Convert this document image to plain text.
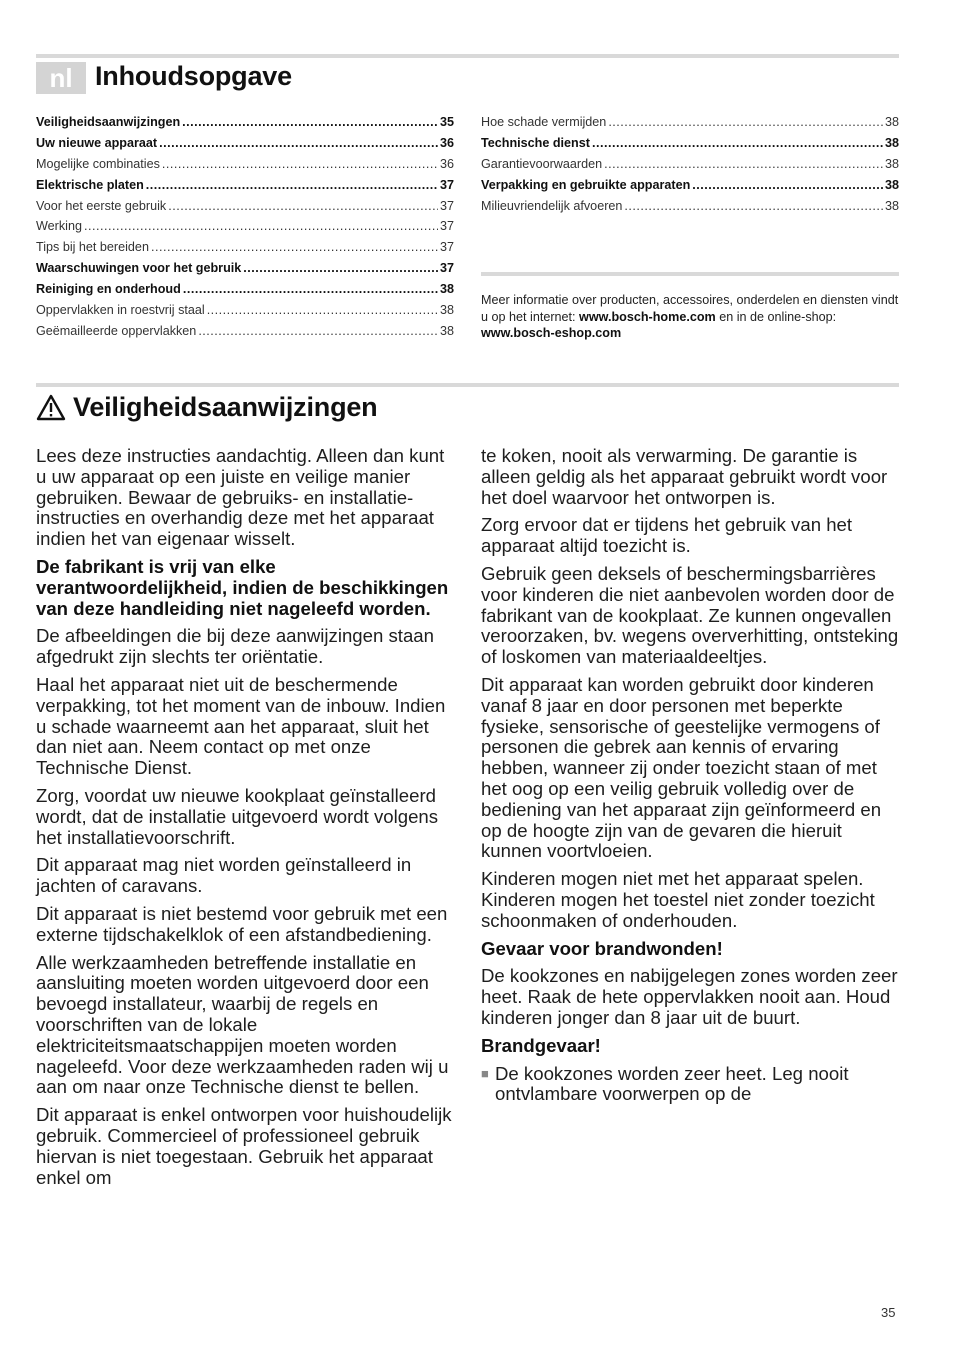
nl Inhoudsopgave
Veiligheidsaanwijzingen .....	35
Uw nieuwe apparaat .....	36
Mogelijke combinaties .....	36
Elektrische platen .....	37
Voor het eerste gebruik .....	37
Werking .....	37
Tips bij het bereiden .....	37
Waarschuwingen voor het gebruik .....	37
Reiniging en onderhoud .....	38
Oppervlakken in roestvrij staal .....	38
Geëmailleerde oppervlakken .....	38
Hoe schade vermijden .....	38
Technische dienst .....	38
Garantievoorwaarden .....	38
Verpakking en gebruikte apparaten .....	38
Milieuvriendelijk afvoeren .....	38
Meer informatie over producten, accessoires, onderdelen en diensten vindt u op het internet: www.bosch-home.com en in de online-shop: www.bosch-eshop.com
Veiligheidsaanwijzingen

Lees deze instructies aandachtig. Alleen dan kunt u uw apparaat op een juiste en veilige manier gebruiken. Bewaar de gebruiks- en installatie-instructies en overhandig deze met het apparaat indien het van eigenaar wisselt.

De fabrikant is vrij van elke verantwoordelijkheid, indien de beschikkingen van deze handleiding niet nageleefd worden.

De afbeeldingen die bij deze aanwijzingen staan afgedrukt zijn slechts ter oriëntatie.

Haal het apparaat niet uit de beschermende verpakking, tot het moment van de inbouw. Indien u schade waarneemt aan het apparaat, sluit het dan niet aan. Neem contact op met onze Technische Dienst.

Zorg, voordat uw nieuwe kookplaat geïnstalleerd wordt, dat de installatie uitgevoerd wordt volgens het installatievoorschrift.

Dit apparaat mag niet worden geïnstalleerd in jachten of caravans.

Dit apparaat is niet bestemd voor gebruik met een externe tijdschakelklok of een afstandbediening.

Alle werkzaamheden betreffende installatie en aansluiting moeten worden uitgevoerd door een bevoegd installateur, waarbij de regels en voorschriften van de lokale elektriciteitsmaatschappijen moeten worden nageleefd. Voor deze werkzaamheden raden wij u aan om naar onze Technische dienst te bellen.

Dit apparaat is enkel ontworpen voor huishoudelijk gebruik. Commercieel of professioneel gebruik hiervan is niet toegestaan. Gebruik het apparaat enkel om

te koken, nooit als verwarming. De garantie is alleen geldig als het apparaat gebruikt wordt voor het doel waarvoor het ontworpen is.

Zorg ervoor dat er tijdens het gebruik van het apparaat altijd toezicht is.

Gebruik geen deksels of beschermingsbarrières voor kinderen die niet aanbevolen worden door de fabrikant van de kookplaat. Ze kunnen ongevallen veroorzaken, bv. wegens oververhitting, ontsteking of loskomen van materiaaldeeltjes.

Dit apparaat kan worden gebruikt door kinderen vanaf 8 jaar en door personen met beperkte fysieke, sensorische of geestelijke vermogens of personen die gebrek aan kennis of ervaring hebben, wanneer zij onder toezicht staan of met het oog op een veilig gebruik volledig over de bediening van het apparaat zijn geïnformeerd en op de hoogte zijn van de gevaren die hieruit kunnen voortvloeien.

Kinderen mogen niet met het apparaat spelen. Kinderen mogen het toestel niet zonder toezicht schoonmaken of onderhouden.

Gevaar voor brandwonden!

De kookzones en nabijgelegen zones worden zeer heet. Raak de hete oppervlakken nooit aan. Houd kinderen jonger dan 8 jaar uit de buurt.

Brandgevaar!

■ De kookzones worden zeer heet. Leg nooit ontvlambare voorwerpen op de
35
